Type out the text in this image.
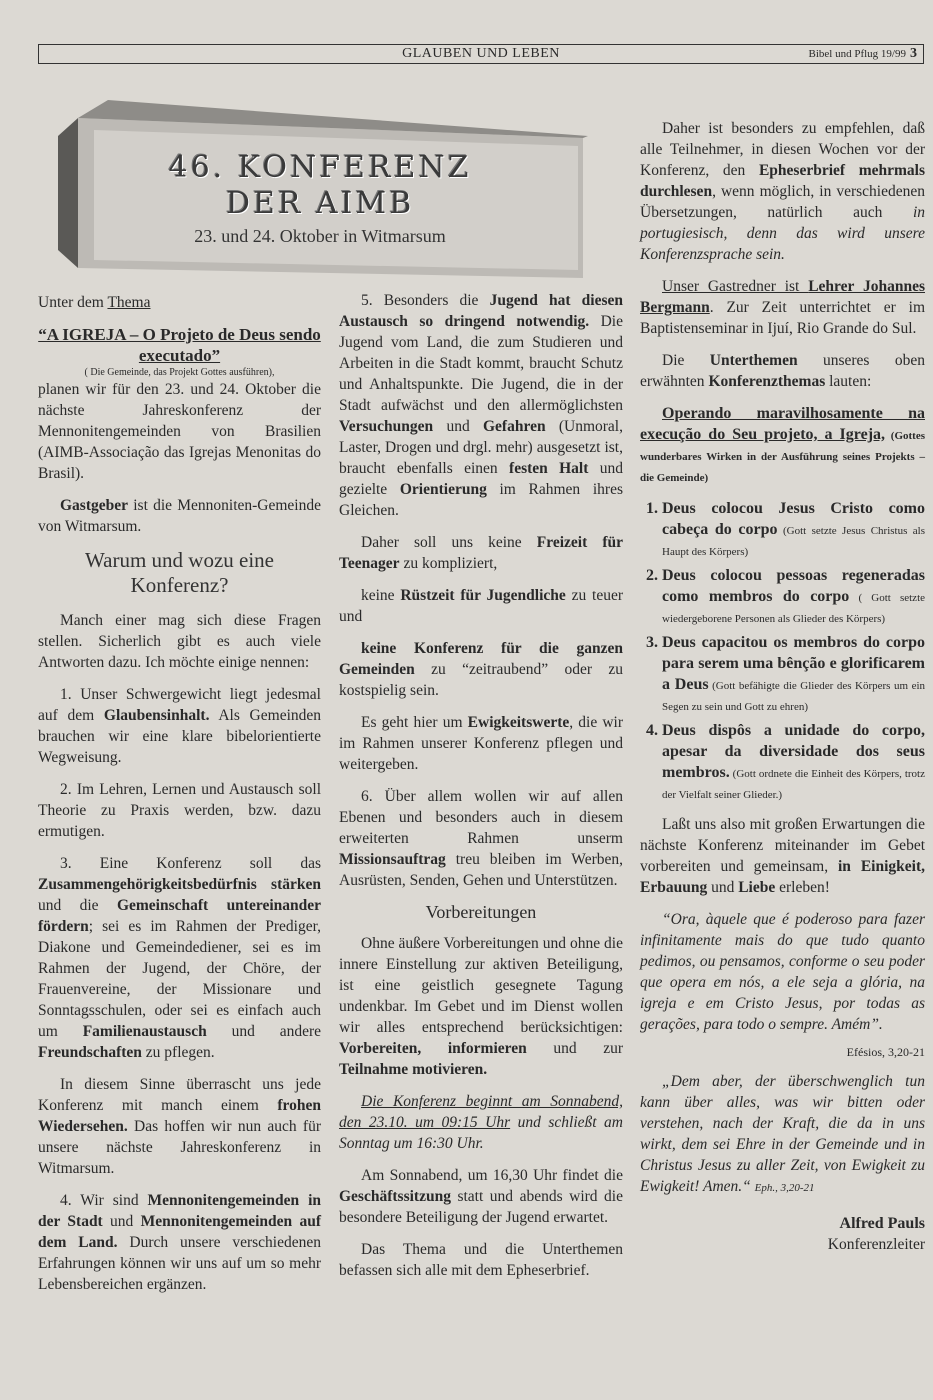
GLAUBEN UND LEBEN	Bibel und Pflug 19/99 3
46. KONFERENZ
DER AIMB
23. und 24. Oktober in Witmarsum

Unter dem Thema

“A IGREJA – O Projeto de Deus sendo executado”
( Die Gemeinde, das Projekt Gottes ausführen),

planen wir für den 23. und 24. Oktober die nächste Jahreskonferenz der Mennonitengemeinden von Brasilien (AIMB-Associação das Igrejas Menonitas do Brasil).

Gastgeber ist die Mennoniten-Gemeinde von Witmarsum.

Warum und wozu eine Konferenz?

Manch einer mag sich diese Fragen stellen. Sicherlich gibt es auch viele Antworten dazu. Ich möchte einige nennen:

1. Unser Schwergewicht liegt jedesmal auf dem Glaubensinhalt. Als Gemeinden brauchen wir eine klare bibelorientierte Wegweisung.

2. Im Lehren, Lernen und Austausch soll Theorie zu Praxis werden, bzw. dazu ermutigen.

3. Eine Konferenz soll das Zusammengehörigkeitsbedürfnis stärken und die Gemeinschaft untereinander fördern; sei es im Rahmen der Prediger, Diakone und Gemeindediener, sei es im Rahmen der Jugend, der Chöre, der Frauenvereine, der Missionare und Sonntagsschulen, oder sei es einfach auch um Familienaustausch und andere Freundschaften zu pflegen.

In diesem Sinne überrascht uns jede Konferenz mit manch einem frohen Wiedersehen. Das hoffen wir nun auch für unsere nächste Jahreskonferenz in Witmarsum.

4. Wir sind Mennonitengemeinden in der Stadt und Mennonitengemeinden auf dem Land. Durch unsere verschiedenen Erfahrungen können wir uns auf um so mehr Lebensbereichen ergänzen.

5. Besonders die Jugend hat diesen Austausch so dringend notwendig. Die Jugend vom Land, die zum Studieren und Arbeiten in die Stadt kommt, braucht Schutz und Anhaltspunkte. Die Jugend, die in der Stadt aufwächst und den allermöglichsten Versuchungen und Gefahren (Unmoral, Laster, Drogen und drgl. mehr) ausgesetzt ist, braucht ebenfalls einen festen Halt und gezielte Orientierung im Rahmen ihres Gleichen.

Daher soll uns keine Freizeit für Teenager zu kompliziert,

keine Rüstzeit für Jugendliche zu teuer und

keine Konferenz für die ganzen Gemeinden zu “zeitraubend” oder zu kostspielig sein.

Es geht hier um Ewigkeitswerte, die wir im Rahmen unserer Konferenz pflegen und weitergeben.

6. Über allem wollen wir auf allen Ebenen und besonders auch in diesem erweiterten Rahmen unserm Missionsauftrag treu bleiben im Werben, Ausrüsten, Senden, Gehen und Unterstützen.

Vorbereitungen

Ohne äußere Vorbereitungen und ohne die innere Einstellung zur aktiven Beteiligung, ist eine geistlich gesegnete Tagung undenkbar. Im Gebet und im Dienst wollen wir alles entsprechend berücksichtigen: Vorbereiten, informieren und zur Teilnahme motivieren.

Die Konferenz beginnt am Sonnabend, den 23.10. um 09:15 Uhr und schließt am Sonntag um 16:30 Uhr.

Am Sonnabend, um 16,30 Uhr findet die Geschäftssitzung statt und abends wird die besondere Beteiligung der Jugend erwartet.

Das Thema und die Unterthemen befassen sich alle mit dem Epheserbrief.

Daher ist besonders zu empfehlen, daß alle Teilnehmer, in diesen Wochen vor der Konferenz, den Epheserbrief mehrmals durchlesen, wenn möglich, in verschiedenen Übersetzungen, natürlich auch in portugiesisch, denn das wird unsere Konferenzsprache sein.

Unser Gastredner ist Lehrer Johannes Bergmann. Zur Zeit unterrichtet er im Baptistenseminar in Ijuí, Rio Grande do Sul.

Die Unterthemen unseres oben erwähnten Konferenzthemas lauten:

Operando maravilhosamente na execução do Seu projeto, a Igreja, (Gottes wunderbares Wirken in der Ausführung seines Projekts – die Gemeinde)

1. Deus colocou Jesus Cristo como cabeça do corpo (Gott setzte Jesus Christus als Haupt des Körpers)
2. Deus colocou pessoas regeneradas como membros do corpo ( Gott setzte wiedergeborene Personen als Glieder des Körpers)
3. Deus capacitou os membros do corpo para serem uma bênção e glorificarem a Deus (Gott befähigte die Glieder des Körpers um ein Segen zu sein und Gott zu ehren)
4. Deus dispôs a unidade do corpo, apesar da diversidade dos seus membros. (Gott ordnete die Einheit des Körpers, trotz der Vielfalt seiner Glieder.)

Laßt uns also mit großen Erwartungen die nächste Konferenz miteinander im Gebet vorbereiten und gemeinsam, in Einigkeit, Erbauung und Liebe erleben!

“Ora, àquele que é poderoso para fazer infinitamente mais do que tudo quanto pedimos, ou pensamos, conforme o seu poder que opera em nós, a ele seja a glória, na igreja e em Cristo Jesus, por todas as gerações, para todo o sempre. Amém”.

Efésios, 3,20-21

„Dem aber, der überschwenglich tun kann über alles, was wir bitten oder verstehen, nach der Kraft, die da in uns wirkt, dem sei Ehre in der Gemeinde und in Christus Jesus zu aller Zeit, von Ewigkeit zu Ewigkeit! Amen.“ Eph., 3,20-21

Alfred Pauls
Konferenzleiter
